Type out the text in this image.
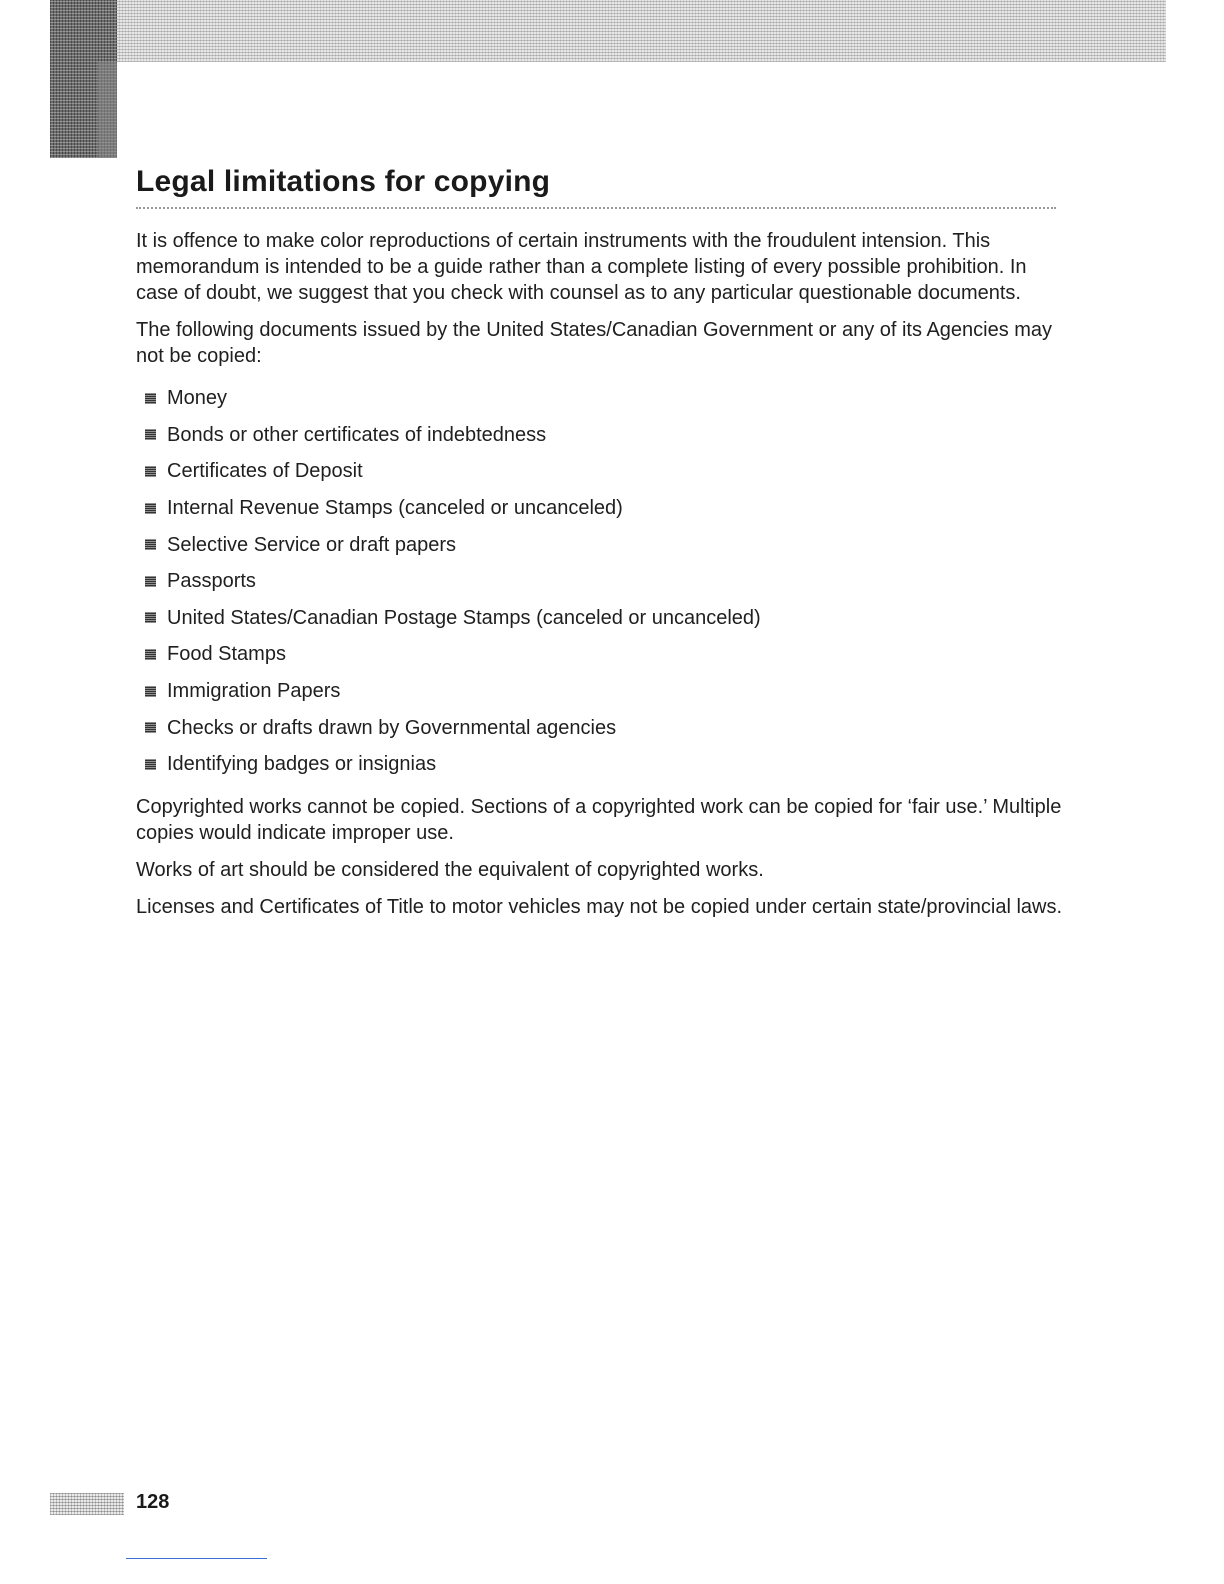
Legal limitations for copying

It is offence to make color reproductions of certain instruments with the froudulent intension. This memorandum is intended to be a guide rather than a complete listing of every possible prohibition. In case of doubt, we suggest that you check with counsel as to any particular questionable documents.

The following documents issued by the United States/Canadian Government or any of its Agencies may not be copied:

Money
Bonds or other certificates of indebtedness
Certificates of Deposit
Internal Revenue Stamps (canceled or uncanceled)
Selective Service or draft papers
Passports
United States/Canadian Postage Stamps (canceled or uncanceled)
Food Stamps
Immigration Papers
Checks or drafts drawn by Governmental agencies
Identifying badges or insignias

Copyrighted works cannot be copied. Sections of a copyrighted work can be copied for ‘fair use.’ Multiple copies would indicate improper use.

Works of art should be considered the equivalent of copyrighted works.

Licenses and Certificates of Title to motor vehicles may not be copied under certain state/provincial laws.

128
